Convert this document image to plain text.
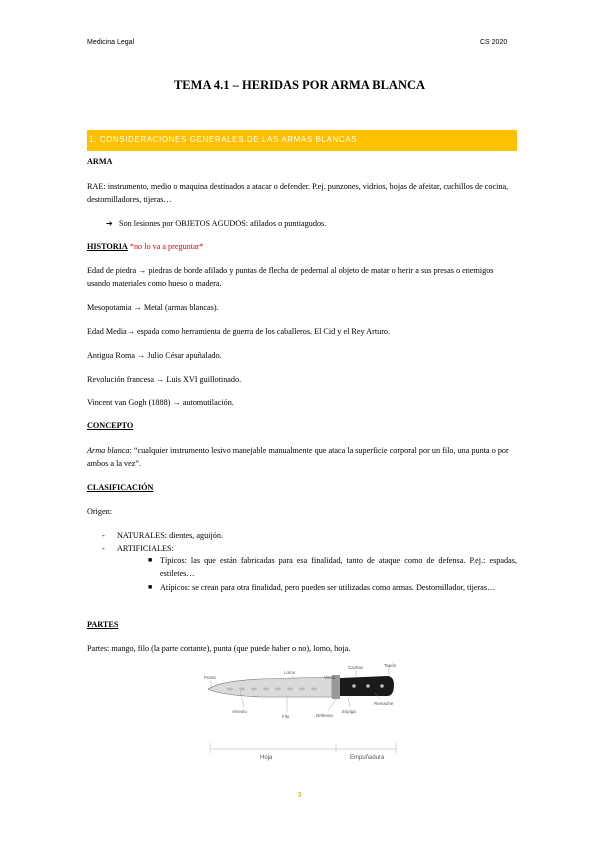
Medicina Legal	CS 2020
TEMA 4.1 – HERIDAS POR ARMA BLANCA
1. CONSIDERACIONES GENERALES DE LAS ARMAS BLANCAS
ARMA
RAE: instrumento, medio o maquina destinados a atacar o defender. P.ej. punzones, vidrios, hojas de afeitar, cuchillos de cocina, destornilladores, tijeras…
➔ Son lesiones por OBJETOS AGUDOS: afilados o puntiagudos.
HISTORIA *no lo va a preguntar*
Edad de piedra → piedras de borde afilado y puntas de flecha de pedernal al objeto de matar o herir a sus presas o enemigos usando materiales como hueso o madera.
Mesopotamia → Metal (armas blancas).
Edad Media→ espada como herramienta de guerra de los caballeros. El Cid y el Rey Arturo.
Antigua Roma → Julio César apuñalado.
Revolución francesa → Luis XVI guillotinado.
Vincent van Gogh (1888) → automutilación.
CONCEPTO
Arma blanca: “cualquier instrumento lesivo manejable manualmente que ataca la superficie corporal por un filo, una punta o por ambos a la vez”.
CLASIFICACIÓN
Origen:
-      NATURALES: dientes, aguijón.
-      ARTIFICIALES:
■ Típicos: las que están fabricadas para esa finalidad, tanto de ataque como de defensa. P.ej.: espadas, estiletes…
■ Atípicos: se crean para otra finalidad, pero pueden ser utilizadas como armas. Destornillador, tijeras…
PARTES
Partes: mango, filo (la parte cortante), punta (que puede haber o no), lomo, hoja.
Punta
Lomo
Virola
Cachas	Tapón
Alveolo
Filo	Defensa
Espiga
Remache
Hoja	Empuñadura
3
